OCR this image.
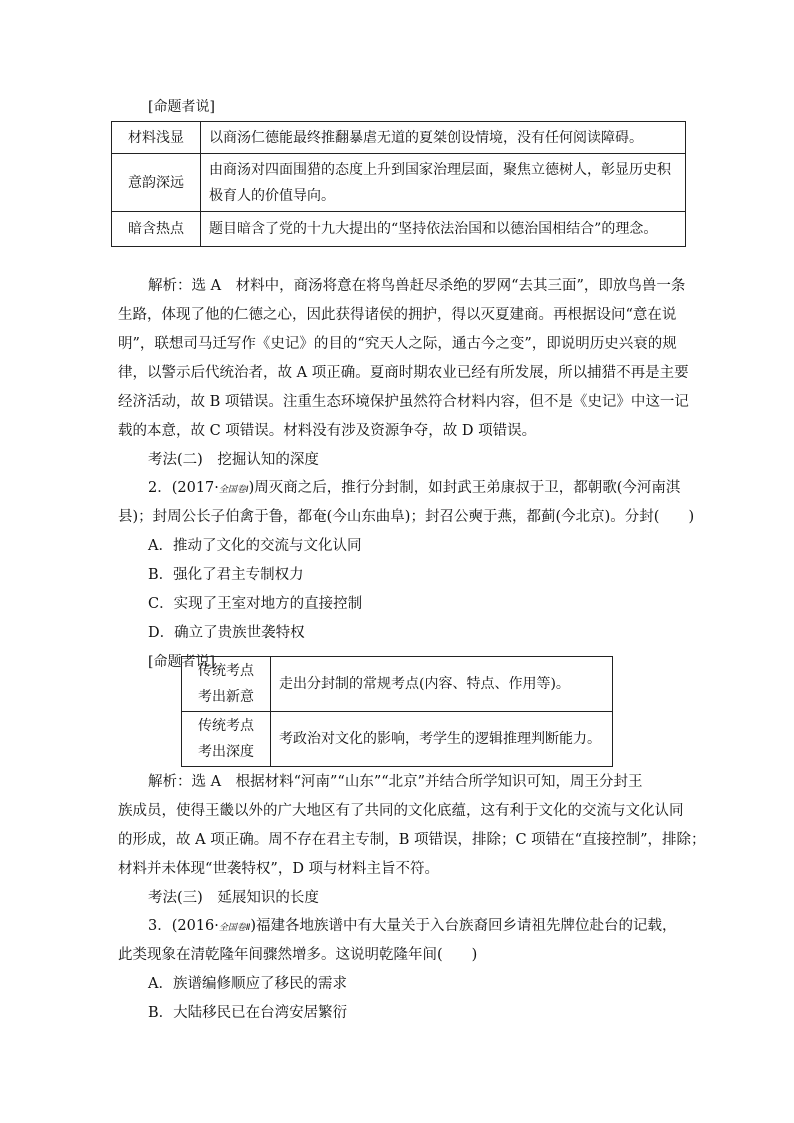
[命题者说]
材料浅显	以商汤仁德能最终推翻暴虐无道的夏桀创设情境，没有任何阅读障碍。
意韵深远	由商汤对四面围猎的态度上升到国家治理层面，聚焦立德树人，彰显历史积
极育人的价值导向。

暗含热点	题目暗含了党的十九大提出的“坚持依法治国和以德治国相结合”的理念。
解析：选 A　材料中，商汤将意在将鸟兽赶尽杀绝的罗网“去其三面”，即放鸟兽一条
生路，体现了他的仁德之心，因此获得诸侯的拥护，得以灭夏建商。再根据设问“意在说
明”，联想司马迁写作《史记》的目的“究天人之际，通古今之变”，即说明历史兴衰的规
律，以警示后代统治者，故 A 项正确。夏商时期农业已经有所发展，所以捕猎不再是主要
经济活动，故 B 项错误。注重生态环境保护虽然符合材料内容，但不是《史记》中这一记
载的本意，故 C 项错误。材料没有涉及资源争夺，故 D 项错误。
考法(二)　挖掘认知的深度
2．(2017·全国卷Ⅰ)周灭商之后，推行分封制，如封武王弟康叔于卫，都朝歌(今河南淇
县)；封周公长子伯禽于鲁，都奄(今山东曲阜)；封召公奭于燕，都蓟(今北京)。分封(　　)
A．推动了文化的交流与文化认同
B．强化了君主专制权力
C．实现了王室对地方的直接控制
D．确立了贵族世袭特权
[命题者说]
传统考点
考出新意	走出分封制的常规考点(内容、特点、作用等)。

传统考点
考出深度	考政治对文化的影响，考学生的逻辑推理判断能力。
解析：选 A　根据材料“河南”“山东”“北京”并结合所学知识可知，周王分封王
族成员，使得王畿以外的广大地区有了共同的文化底蕴，这有利于文化的交流与文化认同
的形成，故 A 项正确。周不存在君主专制，B 项错误，排除；C 项错在“直接控制”，排除；
材料并未体现“世袭特权”，D 项与材料主旨不符。
考法(三)　延展知识的长度
3．(2016·全国卷Ⅱ)福建各地族谱中有大量关于入台族裔回乡请祖先牌位赴台的记载，
此类现象在清乾隆年间骤然增多。这说明乾隆年间(　　)
A．族谱编修顺应了移民的需求
B．大陆移民已在台湾安居繁衍
